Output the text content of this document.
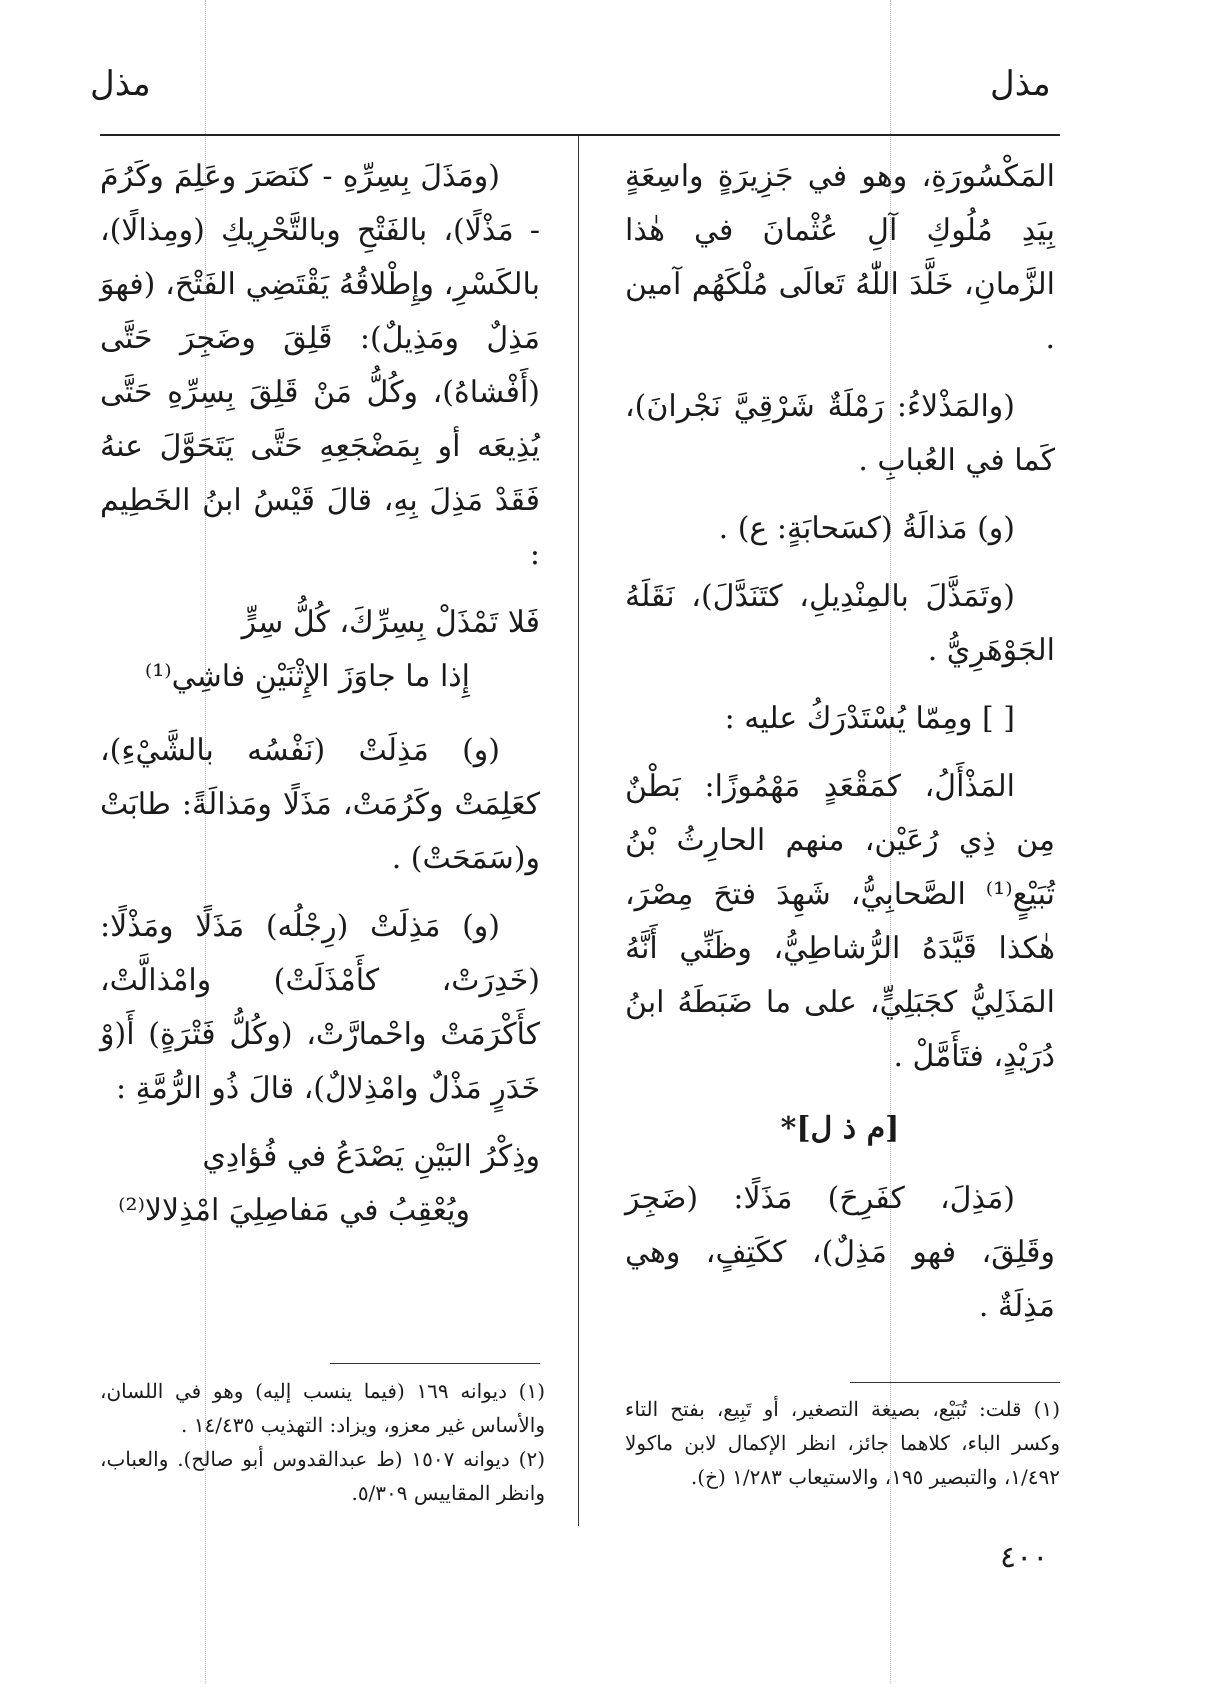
مذل
مذل

المَكْسُورَةِ، وهو في جَزِيرَةٍ واسِعَةٍ بِيَدِ مُلُوكِ آلِ عُثْمانَ في هٰذا الزَّمانِ، خَلَّدَ اللّٰهُ تَعالَى مُلْكَهُم آمين .

(والمَذْلاءُ: رَمْلَةٌ شَرْقِيَّ نَجْرانَ)، كَما في العُبابِ .

(و) مَذالَةُ (كسَحابَةٍ: ع) .

(وتَمَذَّلَ بالمِنْدِيلِ، كتَنَدَّلَ)، نَقَلَهُ الجَوْهَرِيُّ .

[ ] ومِمّا يُسْتَدْرَكُ عليه :

المَذْأَلُ، كمَقْعَدٍ مَهْمُوزًا: بَطْنٌ مِن ذِي رُعَيْن، منهم الحارِثُ بْنُ تُبَيْعٍ⁽¹⁾ الصَّحابِيُّ، شَهِدَ فتحَ مِصْرَ، هٰكذا قَيَّدَهُ الرُّشاطِيُّ، وظَنِّي أَنَّهُ المَذَلِيُّ كجَبَلِيٍّ، على ما ضَبَطَهُ ابنُ دُرَيْدٍ، فتَأَمَّلْ .

[م ذ ل]*

(مَذِلَ، كفَرِحَ) مَذَلًا: (ضَجِرَ وقَلِقَ، فهو مَذِلٌ)، ككَتِفٍ، وهي مَذِلَةٌ .

(ومَذَلَ بِسِرِّهِ - كنَصَرَ وعَلِمَ وكَرُمَ - مَذْلًا)، بالفَتْحِ وبالتَّحْرِيكِ (ومِذالًا)، بالكَسْرِ، وإِطْلاقُهُ يَقْتَضِي الفَتْحَ، (فهوَ مَذِلٌ ومَذِيلٌ): قَلِقَ وضَجِرَ حَتَّى (أَفْشاهُ)، وكُلُّ مَنْ قَلِقَ بِسِرِّهِ حَتَّى يُذِيعَه أو بِمَضْجَعِهِ حَتَّى يَتَحَوَّلَ عنهُ فَقَدْ مَذِلَ بِهِ، قالَ قَيْسُ ابنُ الخَطِيم :

فَلا تَمْذَلْ بِسِرِّكَ، كُلُّ سِرٍّ

إِذا ما جاوَزَ الإِثْنَيْنِ فاشِي⁽¹⁾

(و) مَذِلَتْ (نَفْسُه بالشَّيْءِ)، كعَلِمَتْ وكَرُمَتْ، مَذَلًا ومَذالَةً: طابَتْ و(سَمَحَتْ) .

(و) مَذِلَتْ (رِجْلُه) مَذَلًا ومَذْلًا: (خَدِرَتْ، كأَمْذَلَتْ) وامْذالَّتْ، كأَكْرَمَتْ واحْمارَّتْ، (وكُلُّ فَتْرَةٍ) أَ(وْ خَدَرٍ مَذْلٌ وامْذِلالٌ)، قالَ ذُو الرُّمَّةِ :

وذِكْرُ البَيْنِ يَصْدَعُ في فُؤادِي

ويُعْقِبُ في مَفاصِلِيَ امْذِلالا⁽²⁾

(١) قلت: تُبَيْع، بصيغة التصغير، أو تَبِيع، بفتح التاء وكسر الباء، كلاهما جائز، انظر الإكمال لابن ماكولا ١/٤٩٢، والتبصير ١٩٥، والاستيعاب ١/٢٨٣ (خ).

(١) ديوانه ١٦٩ (فيما ينسب إليه) وهو في اللسان، والأساس غير معزو، ويزاد: التهذيب ١٤/٤٣٥ .

(٢) ديوانه ١٥٠٧ (ط عبدالقدوس أبو صالح). والعباب، وانظر المقاييس ٥/٣٠٩.

٤٠٠
